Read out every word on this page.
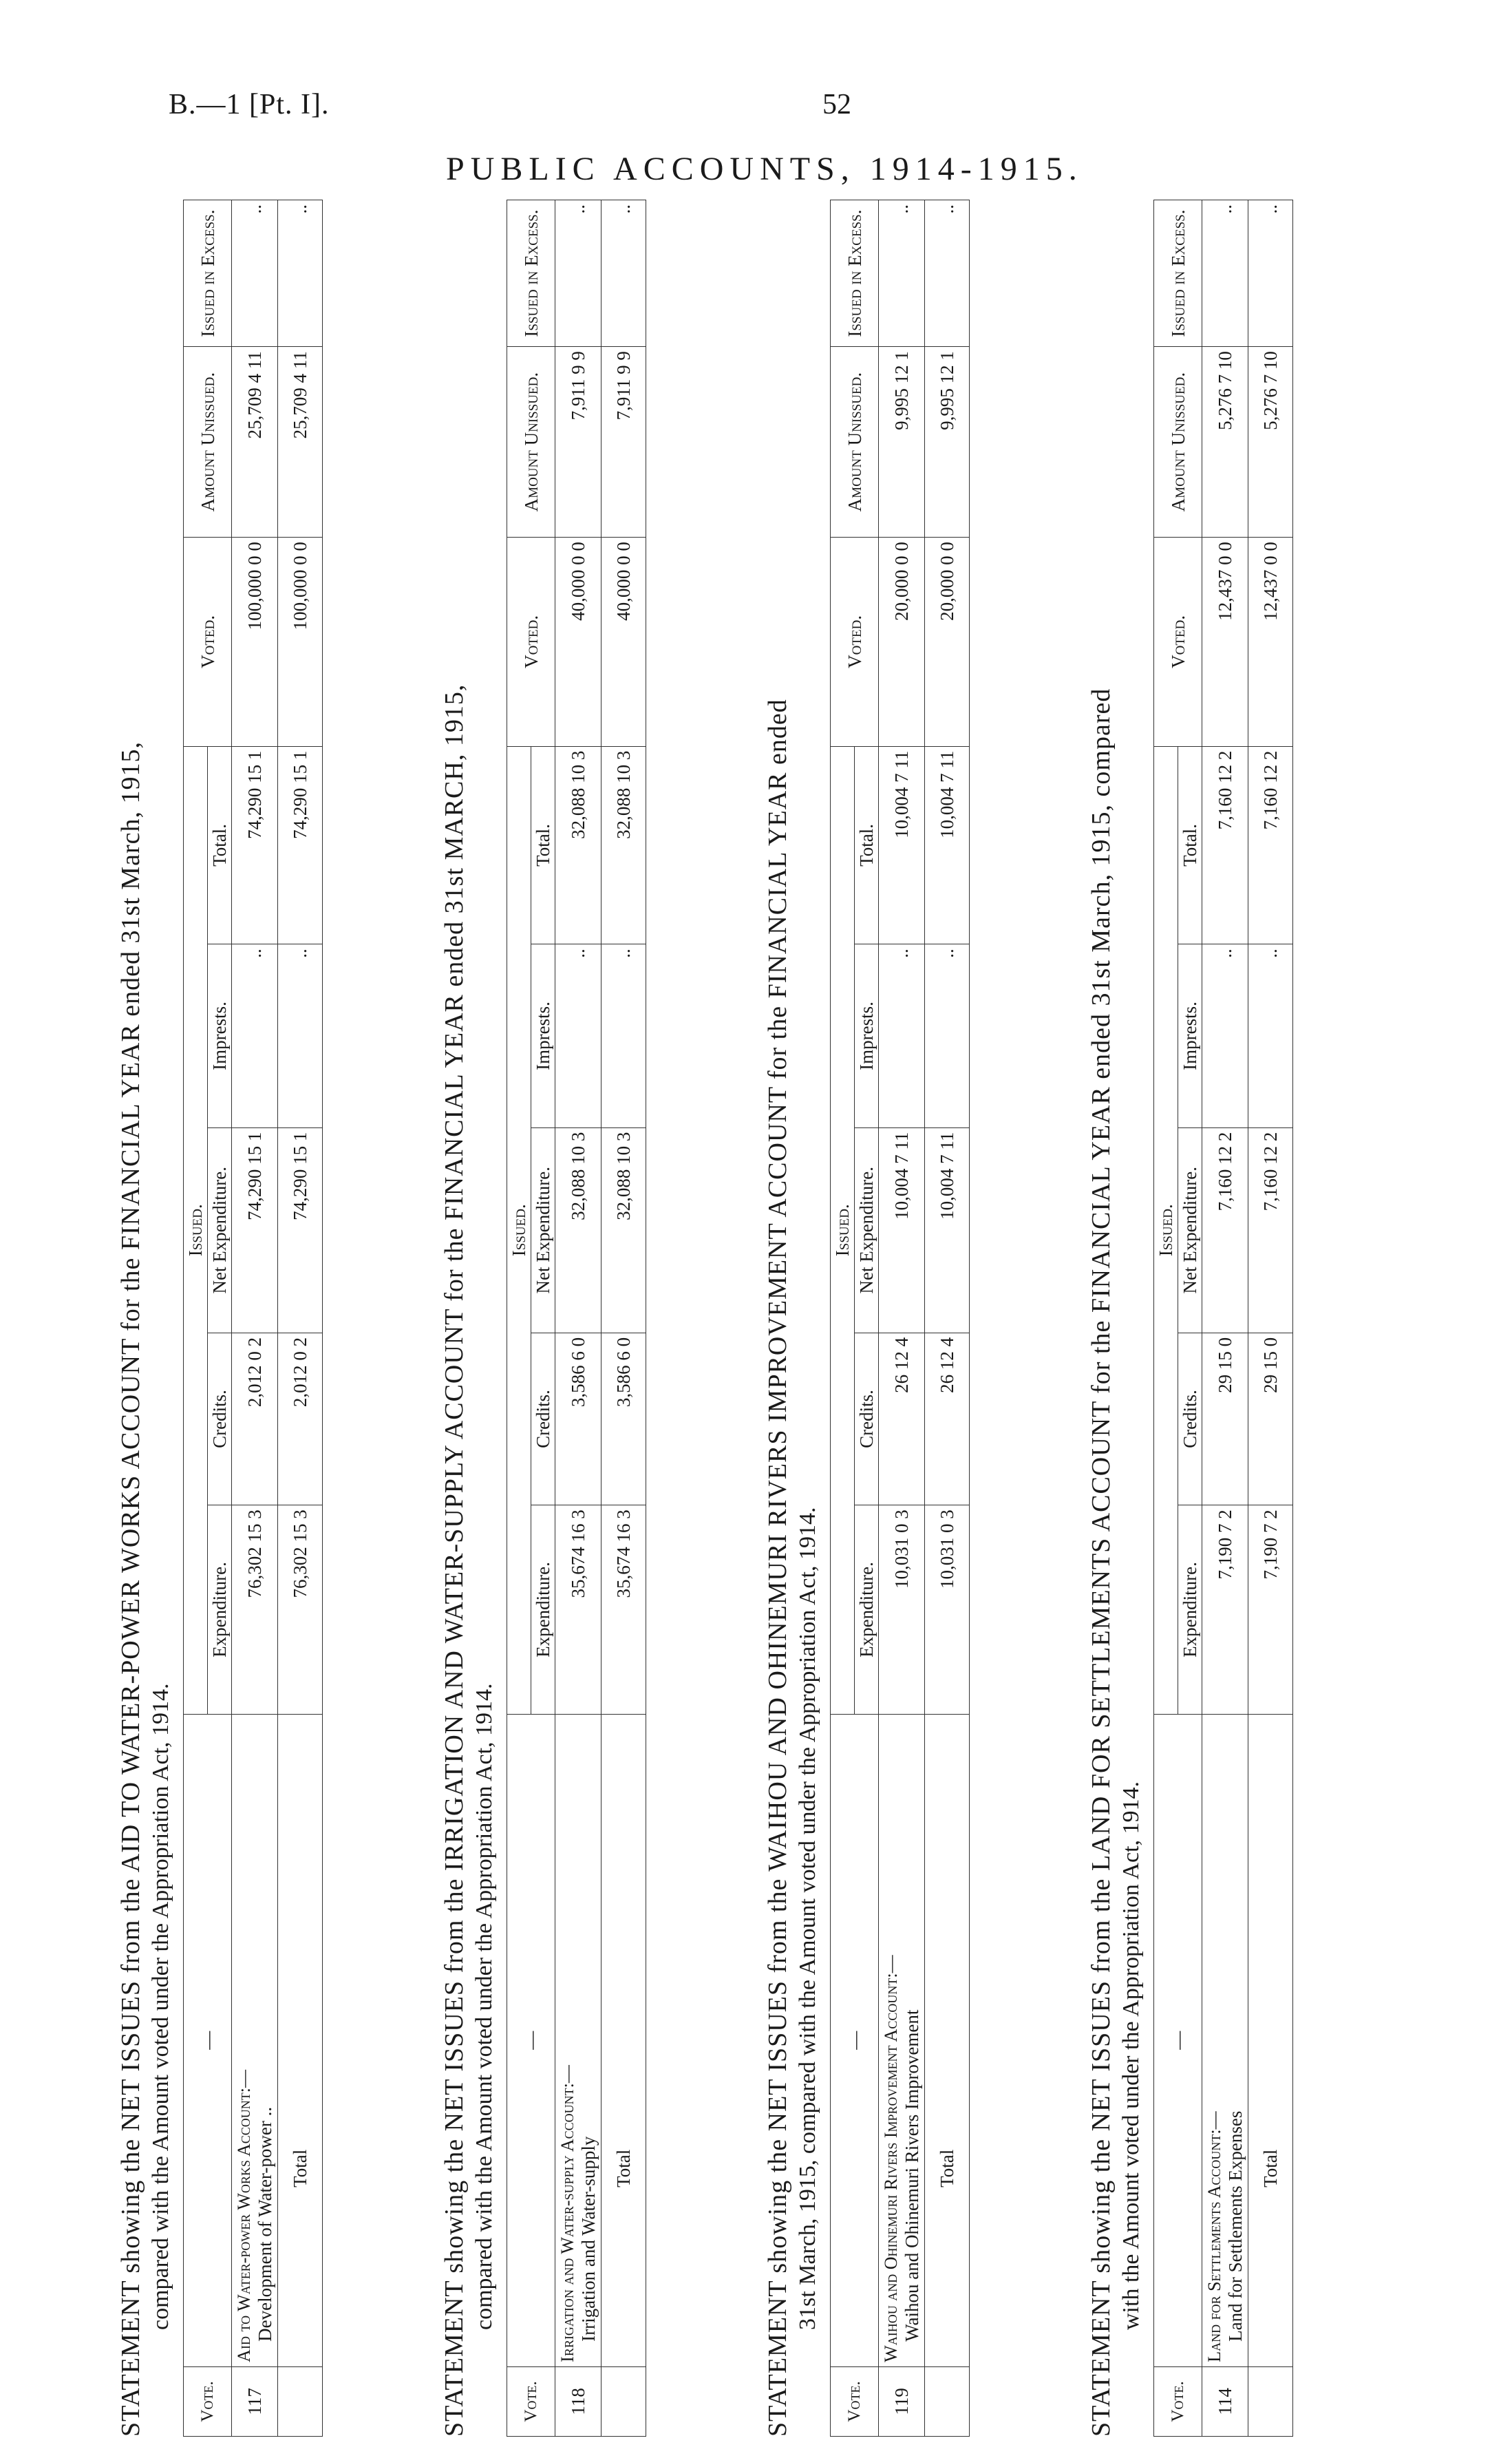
B.—1 [Pt. I].	52
PUBLIC ACCOUNTS, 1914-1915.
STATEMENT showing the NET ISSUES from the AID TO WATER-POWER WORKS ACCOUNT for the FINANCIAL YEAR ended 31st March, 1915, compared with the Amount voted under the Appropriation Act, 1914.
Vote.	—	Issued.					Voted.	Amount Unissued.	Issued in Excess.
		Expenditure.	Credits.	Net Expenditure.	Imprests.	Total.			
117	Aid to Water-power Works Account:— Development of Water-power ..	76,302 15 3	2,012 0 2	74,290 15 1	..	74,290 15 1	100,000 0 0	25,709 4 11	..
	Total	76,302 15 3	2,012 0 2	74,290 15 1	..	74,290 15 1	100,000 0 0	25,709 4 11	..
STATEMENT showing the NET ISSUES from the IRRIGATION AND WATER-SUPPLY ACCOUNT for the FINANCIAL YEAR ended 31st MARCH, 1915, compared with the Amount voted under the Appropriation Act, 1914.
Vote.	—	Issued.					Voted.	Amount Unissued.	Issued in Excess.
		Expenditure.	Credits.	Net Expenditure.	Imprests.	Total.			
118	Irrigation and Water-supply Account:— Irrigation and Water-supply	35,674 16 3	3,586 6 0	32,088 10 3	..	32,088 10 3	40,000 0 0	7,911 9 9	..
	Total	35,674 16 3	3,586 6 0	32,088 10 3	..	32,088 10 3	40,000 0 0	7,911 9 9	..
STATEMENT showing the NET ISSUES from the WAIHOU AND OHINEMURI RIVERS IMPROVEMENT ACCOUNT for the FINANCIAL YEAR ended 31st March, 1915, compared with the Amount voted under the Appropriation Act, 1914.
Vote.	—	Issued.					Voted.	Amount Unissued.	Issued in Excess.
		Expenditure.	Credits.	Net Expenditure.	Imprests.	Total.			
119	Waihou and Ohinemuri Rivers Improvement Account:— Waihou and Ohinemuri Rivers Improvement	10,031 0 3	26 12 4	10,004 7 11	..	10,004 7 11	20,000 0 0	9,995 12 1	..
	Total	10,031 0 3	26 12 4	10,004 7 11	..	10,004 7 11	20,000 0 0	9,995 12 1	..
STATEMENT showing the NET ISSUES from the LAND FOR SETTLEMENTS ACCOUNT for the FINANCIAL YEAR ended 31st March, 1915, compared with the Amount voted under the Appropriation Act, 1914.
Vote.	—	Issued.					Voted.	Amount Unissued.	Issued in Excess.
		Expenditure.	Credits.	Net Expenditure.	Imprests.	Total.			
114	Land for Settlements Account:— Land for Settlements Expenses	7,190 7 2	29 15 0	7,160 12 2	..	7,160 12 2	12,437 0 0	5,276 7 10	..
	Total	7,190 7 2	29 15 0	7,160 12 2	..	7,160 12 2	12,437 0 0	5,276 7 10	..
